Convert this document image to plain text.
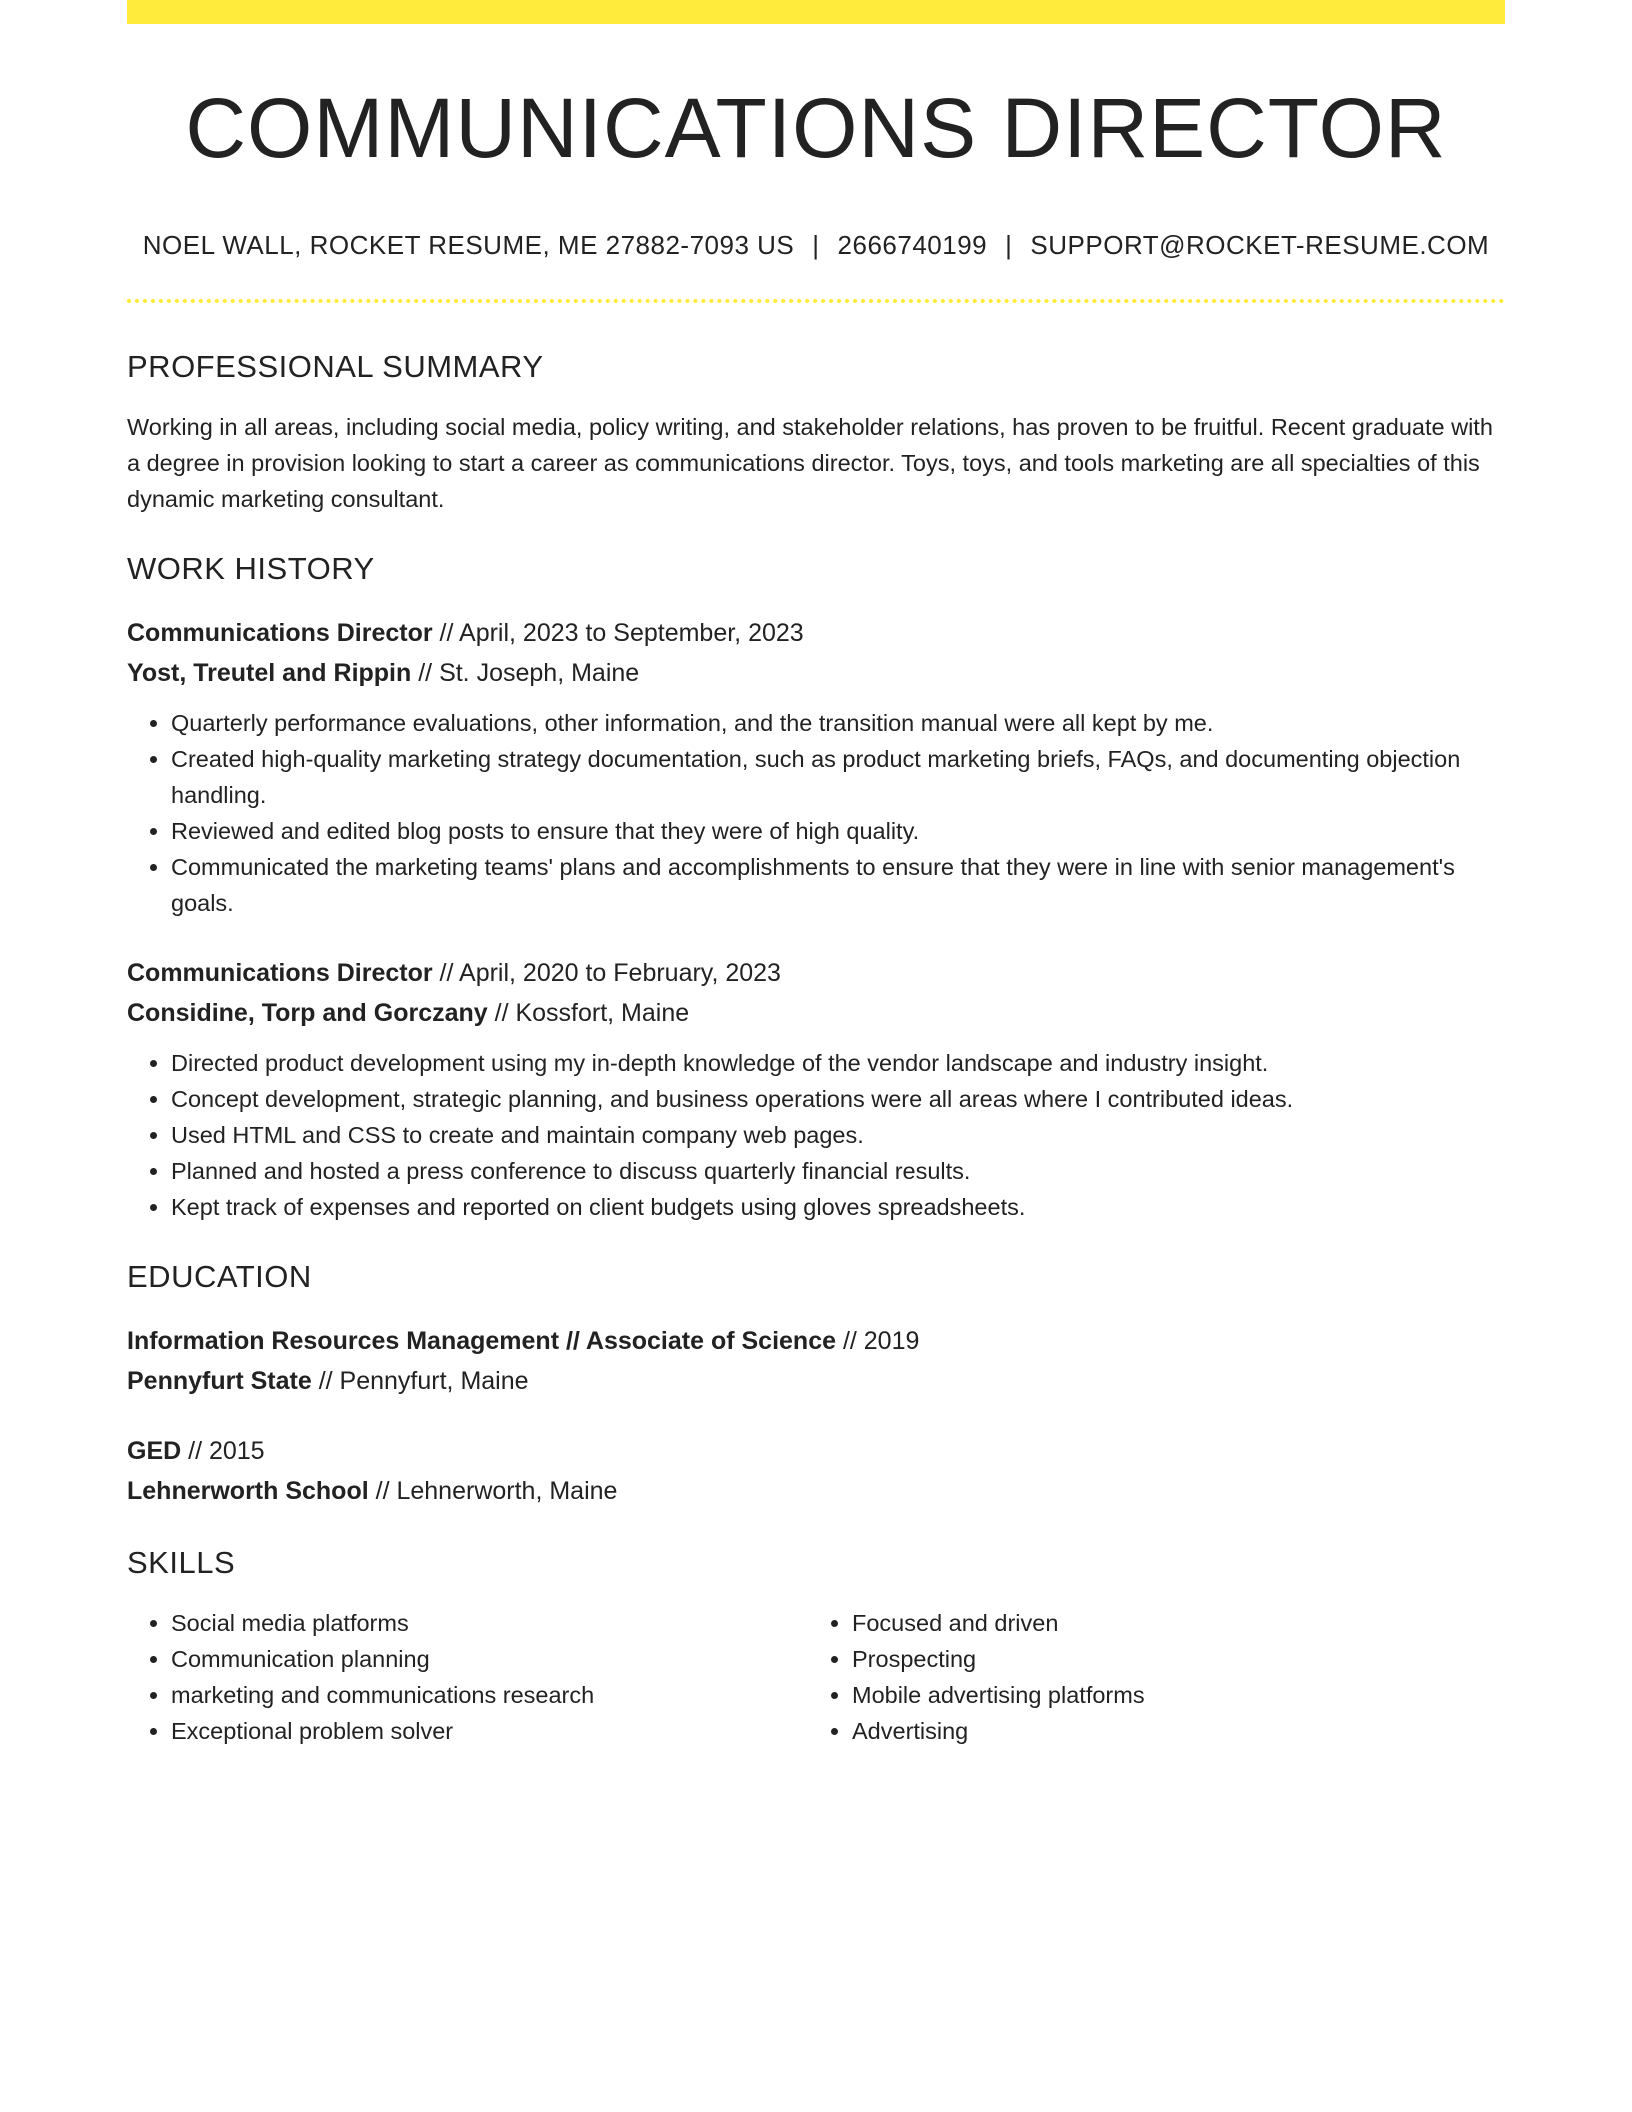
COMMUNICATIONS DIRECTOR
NOEL WALL, ROCKET RESUME, ME 27882-7093 US | 2666740199 | SUPPORT@ROCKET-RESUME.COM
PROFESSIONAL SUMMARY
Working in all areas, including social media, policy writing, and stakeholder relations, has proven to be fruitful. Recent graduate with a degree in provision looking to start a career as communications director. Toys, toys, and tools marketing are all specialties of this dynamic marketing consultant.
WORK HISTORY
Communications Director // April, 2023 to September, 2023
Yost, Treutel and Rippin // St. Joseph, Maine
• Quarterly performance evaluations, other information, and the transition manual were all kept by me.
• Created high-quality marketing strategy documentation, such as product marketing briefs, FAQs, and documenting objection handling.
• Reviewed and edited blog posts to ensure that they were of high quality.
• Communicated the marketing teams' plans and accomplishments to ensure that they were in line with senior management's goals.
Communications Director // April, 2020 to February, 2023
Considine, Torp and Gorczany // Kossfort, Maine
• Directed product development using my in-depth knowledge of the vendor landscape and industry insight.
• Concept development, strategic planning, and business operations were all areas where I contributed ideas.
• Used HTML and CSS to create and maintain company web pages.
• Planned and hosted a press conference to discuss quarterly financial results.
• Kept track of expenses and reported on client budgets using gloves spreadsheets.
EDUCATION
Information Resources Management // Associate of Science // 2019
Pennyfurt State // Pennyfurt, Maine
GED // 2015
Lehnerworth School // Lehnerworth, Maine
SKILLS
• Social media platforms
• Communication planning
• marketing and communications research
• Exceptional problem solver
• Focused and driven
• Prospecting
• Mobile advertising platforms
• Advertising
